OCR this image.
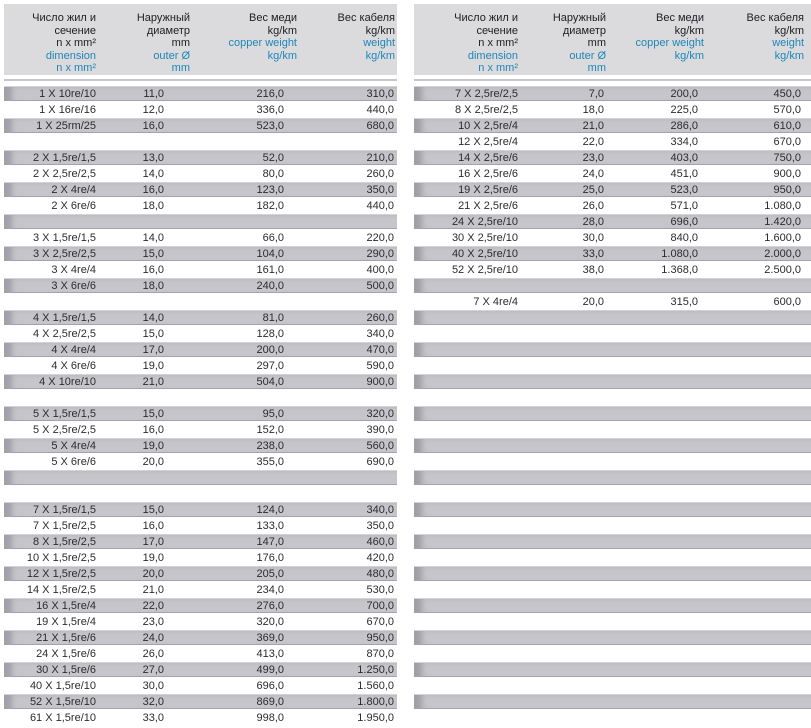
Число жил и
сечение
n x mm²
dimension
n x mm²
Наружный
диаметр
mm
outer Ø
mm
Вес меди
kg/km
copper weight
kg/km
Вес кабеля
kg/km
weight
kg/km
1 X 10re/10	11,0	216,0	310,0
1 X 16re/16	12,0	336,0	440,0
1 X 25rm/25	16,0	523,0	680,0
2 X 1,5re/1,5	13,0	52,0	210,0
2 X 2,5re/2,5	14,0	80,0	260,0
2 X 4re/4	16,0	123,0	350,0
2 X 6re/6	18,0	182,0	440,0
3 X 1,5re/1,5	14,0	66,0	220,0
3 X 2,5re/2,5	15,0	104,0	290,0
3 X 4re/4	16,0	161,0	400,0
3 X 6re/6	18,0	240,0	500,0
4 X 1,5re/1,5	14,0	81,0	260,0
4 X 2,5re/2,5	15,0	128,0	340,0
4 X 4re/4	17,0	200,0	470,0
4 X 6re/6	19,0	297,0	590,0
4 X 10re/10	21,0	504,0	900,0
5 X 1,5re/1,5	15,0	95,0	320,0
5 X 2,5re/2,5	16,0	152,0	390,0
5 X 4re/4	19,0	238,0	560,0
5 X 6re/6	20,0	355,0	690,0
7 X 1,5re/1,5	15,0	124,0	340,0
7 X 1,5re/2,5	16,0	133,0	350,0
8 X 1,5re/2,5	17,0	147,0	460,0
10 X 1,5re/2,5	19,0	176,0	420,0
12 X 1,5re/2,5	20,0	205,0	480,0
14 X 1,5re/2,5	21,0	234,0	530,0
16 X 1,5re/4	22,0	276,0	700,0
19 X 1,5re/4	23,0	320,0	670,0
21 X 1,5re/6	24,0	369,0	950,0
24 X 1,5re/6	26,0	413,0	870,0
30 X 1,5re/6	27,0	499,0	1.250,0
40 X 1,5re/10	30,0	696,0	1.560,0
52 X 1,5re/10	32,0	869,0	1.800,0
61 X 1,5re/10	33,0	998,0	1.950,0
Число жил и
сечение
n x mm²
dimension
n x mm²
Наружный
диаметр
mm
outer Ø
mm
Вес меди
kg/km
copper weight
kg/km
Вес кабеля
kg/km
weight
kg/km
7 X 2,5re/2,5	7,0	200,0	450,0
8 X 2,5re/2,5	18,0	225,0	570,0
10 X 2,5re/4	21,0	286,0	610,0
12 X 2,5re/4	22,0	334,0	670,0
14 X 2,5re/6	23,0	403,0	750,0
16 X 2,5re/6	24,0	451,0	900,0
19 X 2,5re/6	25,0	523,0	950,0
21 X 2,5re/6	26,0	571,0	1.080,0
24 X 2,5re/10	28,0	696,0	1.420,0
30 X 2,5re/10	30,0	840,0	1.600,0
40 X 2,5re/10	33,0	1.080,0	2.000,0
52 X 2,5re/10	38,0	1.368,0	2.500,0
7 X 4re/4	20,0	315,0	600,0
